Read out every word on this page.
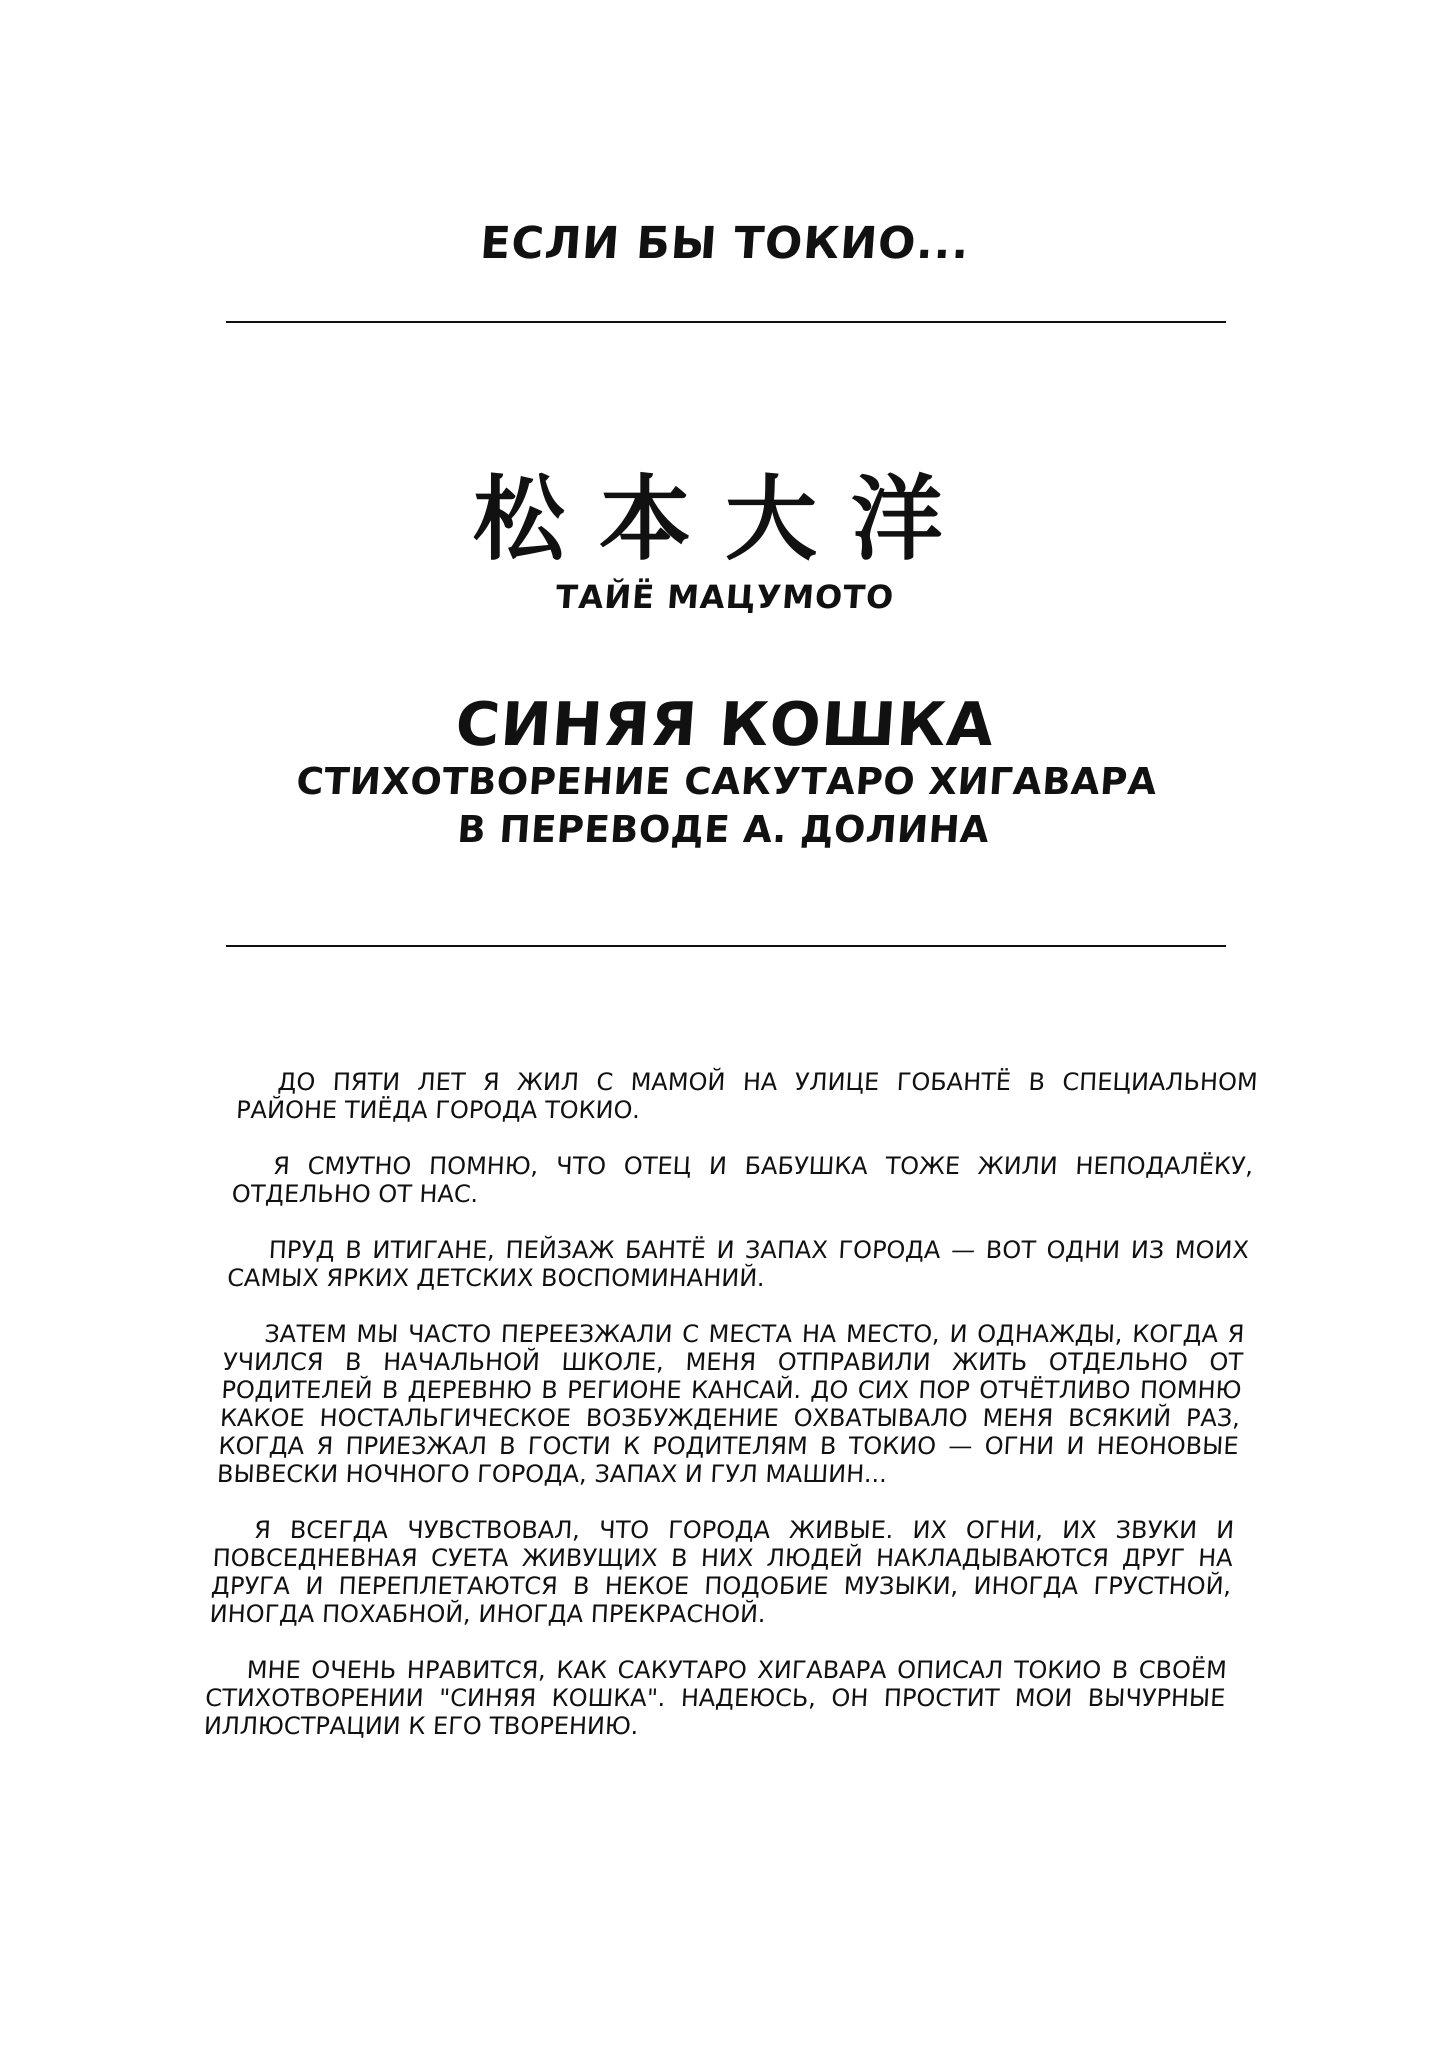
ЕСЛИ БЫ ТОКИО...
松本大洋
ТАЙЁ МАЦУМОТО
СИНЯЯ КОШКА
СТИХОТВОРЕНИЕ САКУТАРО ХИГАВАРА
В ПЕРЕВОДЕ А. ДОЛИНА

ДО ПЯТИ ЛЕТ Я ЖИЛ С МАМОЙ НА УЛИЦЕ ГОБАНТЁ В СПЕЦИАЛЬНОМ РАЙОНЕ ТИЁДА ГОРОДА ТОКИО.

Я СМУТНО ПОМНЮ, ЧТО ОТЕЦ И БАБУШКА ТОЖЕ ЖИЛИ НЕПОДАЛЁКУ, ОТДЕЛЬНО ОТ НАС.

ПРУД В ИТИГАНЕ, ПЕЙЗАЖ БАНТЁ И ЗАПАХ ГОРОДА — ВОТ ОДНИ ИЗ МОИХ САМЫХ ЯРКИХ ДЕТСКИХ ВОСПОМИНАНИЙ.

ЗАТЕМ МЫ ЧАСТО ПЕРЕЕЗЖАЛИ С МЕСТА НА МЕСТО, И ОДНАЖДЫ, КОГДА Я УЧИЛСЯ В НАЧАЛЬНОЙ ШКОЛЕ, МЕНЯ ОТПРАВИЛИ ЖИТЬ ОТДЕЛЬНО ОТ РОДИТЕЛЕЙ В ДЕРЕВНЮ В РЕГИОНЕ КАНСАЙ. ДО СИХ ПОР ОТЧЁТЛИВО ПОМНЮ КАКОЕ НОСТАЛЬГИЧЕСКОЕ ВОЗБУЖДЕНИЕ ОХВАТЫВАЛО МЕНЯ ВСЯКИЙ РАЗ, КОГДА Я ПРИЕЗЖАЛ В ГОСТИ К РОДИТЕЛЯМ В ТОКИО — ОГНИ И НЕОНОВЫЕ ВЫВЕСКИ НОЧНОГО ГОРОДА, ЗАПАХ И ГУЛ МАШИН...

Я ВСЕГДА ЧУВСТВОВАЛ, ЧТО ГОРОДА ЖИВЫЕ. ИХ ОГНИ, ИХ ЗВУКИ И ПОВСЕДНЕВНАЯ СУЕТА ЖИВУЩИХ В НИХ ЛЮДЕЙ НАКЛАДЫВАЮТСЯ ДРУГ НА ДРУГА И ПЕРЕПЛЕТАЮТСЯ В НЕКОЕ ПОДОБИЕ МУЗЫКИ, ИНОГДА ГРУСТНОЙ, ИНОГДА ПОХАБНОЙ, ИНОГДА ПРЕКРАСНОЙ.

МНЕ ОЧЕНЬ НРАВИТСЯ, КАК САКУТАРО ХИГАВАРА ОПИСАЛ ТОКИО В СВОЁМ СТИХОТВОРЕНИИ "СИНЯЯ КОШКА". НАДЕЮСЬ, ОН ПРОСТИТ МОИ ВЫЧУРНЫЕ ИЛЛЮСТРАЦИИ К ЕГО ТВОРЕНИЮ.
